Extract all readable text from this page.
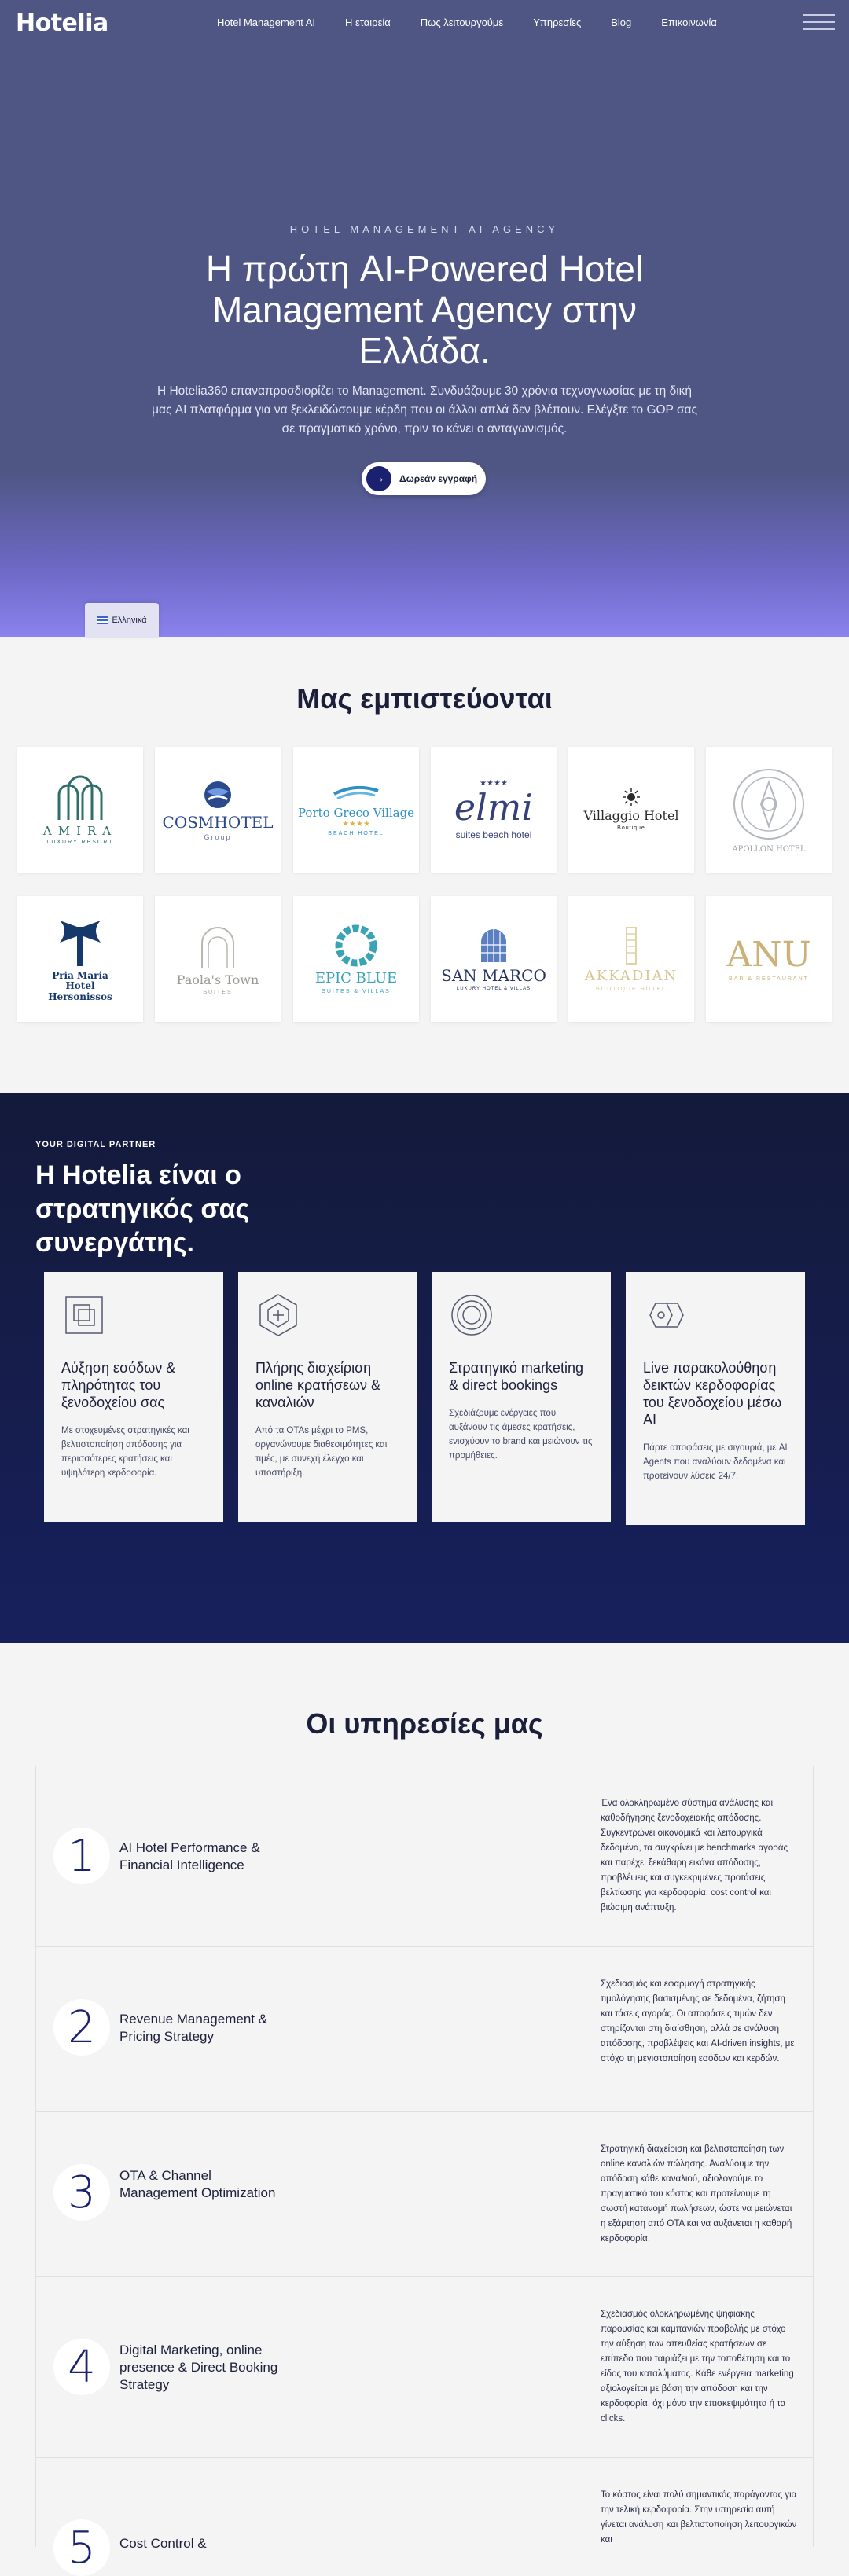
Hotelia	Hotel Management AI	Η εταιρεία	Πως λειτουργούμε	Υπηρεσίες	Blog	Επικοινωνία
HOTEL MANAGEMENT AI AGENCY
Η πρώτη AI-Powered Hotel Management Agency στην Ελλάδα.

Η Hotelia360 επαναπροσδιορίζει το Management. Συνδυάζουμε 30 χρόνια τεχνογνωσίας με τη δική μας AI πλατφόρμα για να ξεκλειδώσουμε κέρδη που οι άλλοι απλά δεν βλέπουν. Ελέγξτε το GOP σας σε πραγματικό χρόνο, πριν το κάνει ο ανταγωνισμός.

→	Δωρεάν εγγραφή
Ελληνικά
Μας εμπιστεύονται
AMIRA
LUXURY RESORT
COSMHOTEL
Group
Porto Greco Village
★★★★
BEACH HOTEL
★★★★
elmi
suites beach hotel
Villaggio Hotel
Boutique
APOLLON HOTEL
Pria Maria Hotel Hersonissos
Paola's Town
SUITES
EPIC BLUE
SUITES & VILLAS
SAN MARCO
LUXURY HOTEL & VILLAS
AKKADIAN
BOUTIQUE HOTEL
ANU
BAR & RESTAURANT
YOUR DIGITAL PARTNER
Η Hotelia είναι ο στρατηγικός σας συνεργάτης.
Αύξηση εσόδων & πληρότητας του ξενοδοχείου σας

Με στοχευμένες στρατηγικές και βελτιστοποίηση απόδοσης για περισσότερες κρατήσεις και υψηλότερη κερδοφορία.

Πλήρης διαχείριση online κρατήσεων & καναλιών

Από τα OTAs μέχρι το PMS, οργανώνουμε διαθεσιμότητες και τιμές, με συνεχή έλεγχο και υποστήριξη.

Στρατηγικό marketing & direct bookings

Σχεδιάζουμε ενέργειες που αυξάνουν τις άμεσες κρατήσεις, ενισχύουν το brand και μειώνουν τις προμήθειες.

Live παρακολούθηση δεικτών κερδοφορίας του ξενοδοχείου μέσω AI

Πάρτε αποφάσεις με σιγουριά, με AI Agents που αναλύουν δεδομένα και προτείνουν λύσεις 24/7.

Οι υπηρεσίες μας
1	AI Hotel Performance & Financial Intelligence
Ένα ολοκληρωμένο σύστημα ανάλυσης και καθοδήγησης ξενοδοχειακής απόδοσης. Συγκεντρώνει οικονομικά και λειτουργικά δεδομένα, τα συγκρίνει με benchmarks αγοράς και παρέχει ξεκάθαρη εικόνα απόδοσης, προβλέψεις και συγκεκριμένες προτάσεις βελτίωσης για κερδοφορία, cost control και βιώσιμη ανάπτυξη.
2	Revenue Management & Pricing Strategy
Σχεδιασμός και εφαρμογή στρατηγικής τιμολόγησης βασισμένης σε δεδομένα, ζήτηση και τάσεις αγοράς. Οι αποφάσεις τιμών δεν στηρίζονται στη διαίσθηση, αλλά σε ανάλυση απόδοσης, προβλέψεις και AI-driven insights, με στόχο τη μεγιστοποίηση εσόδων και κερδών.
3	OTA & Channel Management Optimization
Στρατηγική διαχείριση και βελτιστοποίηση των online καναλιών πώλησης. Αναλύουμε την απόδοση κάθε καναλιού, αξιολογούμε το πραγματικό του κόστος και προτείνουμε τη σωστή κατανομή πωλήσεων, ώστε να μειώνεται η εξάρτηση από OTA και να αυξάνεται η καθαρή κερδοφορία.
4	Digital Marketing, online presence & Direct Booking Strategy
Σχεδιασμός ολοκληρωμένης ψηφιακής παρουσίας και καμπανιών προβολής με στόχο την αύξηση των απευθείας κρατήσεων σε επίπεδο που ταιριάζει με την τοποθέτηση και το είδος του καταλύματος. Κάθε ενέργεια marketing αξιολογείται με βάση την απόδοση και την κερδοφορία, όχι μόνο την επισκεψιμότητα ή τα clicks.
5	Cost Control &
Το κόστος είναι πολύ σημαντικός παράγοντας για την τελική κερδοφορία. Στην υπηρεσία αυτή γίνεται ανάλυση και βελτιστοποίηση λειτουργικών και
